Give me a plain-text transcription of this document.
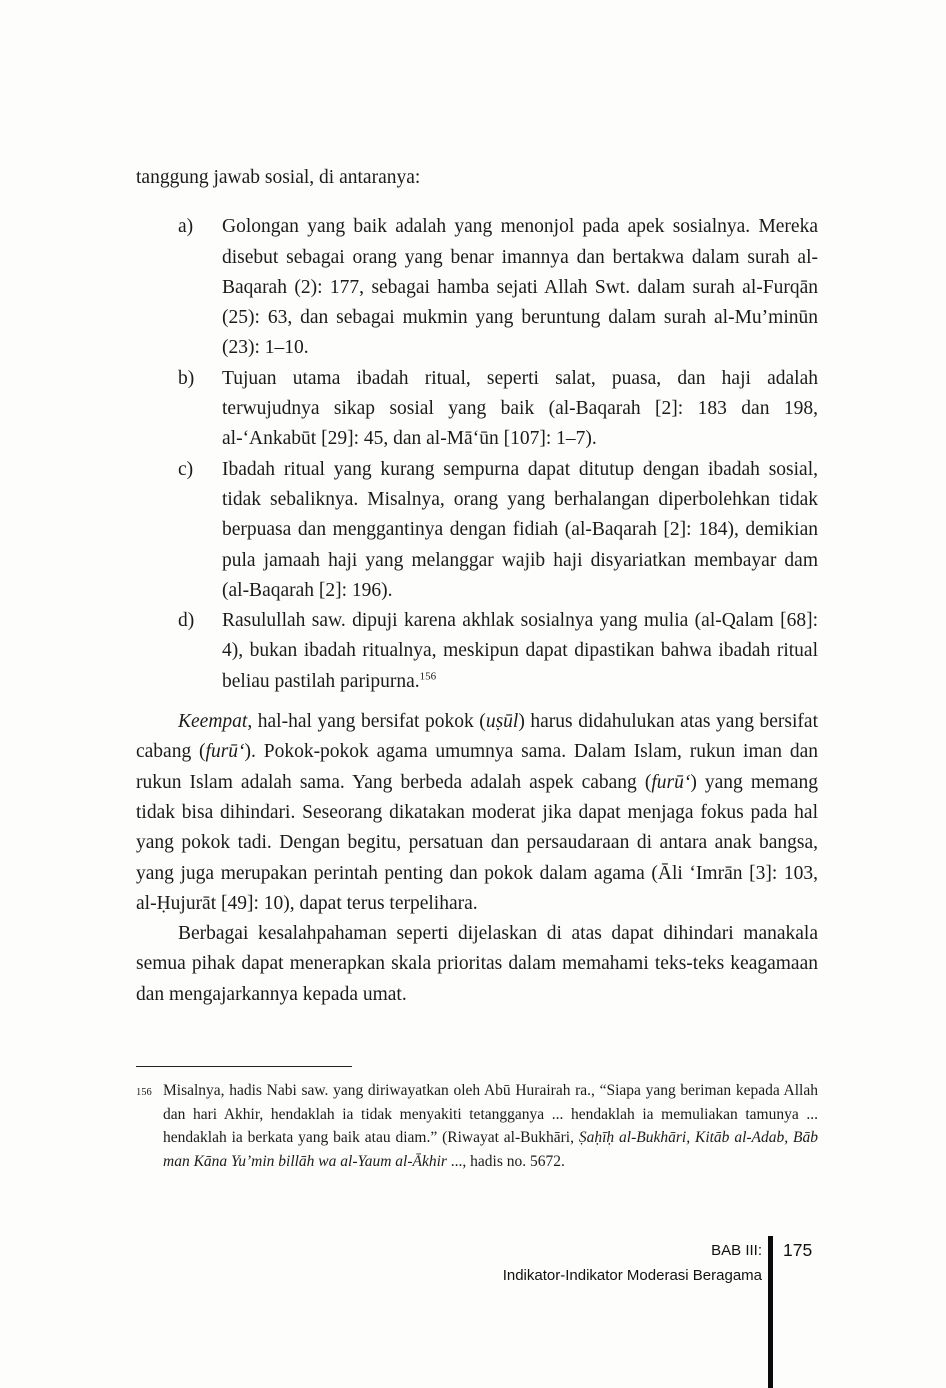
tanggung jawab sosial, di antaranya:

a)	Golongan yang baik adalah yang menonjol pada apek sosialnya. Mereka disebut sebagai orang yang benar imannya dan bertakwa dalam surah al-Baqarah (2): 177, sebagai hamba sejati Allah Swt. dalam surah al-Furqān (25): 63, dan sebagai mukmin yang beruntung dalam surah al-Mu’minūn (23): 1–10.
b)	Tujuan utama ibadah ritual, seperti salat, puasa, dan haji adalah terwujudnya sikap sosial yang baik (al-Baqarah [2]: 183 dan 198, al-‘Ankabūt [29]: 45, dan al-Mā‘ūn [107]: 1–7).
c)	Ibadah ritual yang kurang sempurna dapat ditutup dengan ibadah sosial, tidak sebaliknya. Misalnya, orang yang berhalangan diperbolehkan tidak berpuasa dan menggantinya dengan fidiah (al-Baqarah [2]: 184), demikian pula jamaah haji yang melanggar wajib haji disyariatkan membayar dam (al-Baqarah [2]: 196).
d)	Rasulullah saw. dipuji karena akhlak sosialnya yang mulia (al-Qalam [68]: 4), bukan ibadah ritualnya, meskipun dapat dipastikan bahwa ibadah ritual beliau pastilah paripurna.$^{156}$

Keempat, hal-hal yang bersifat pokok (uṣūl) harus didahulukan atas yang bersifat cabang (furū‘). Pokok-pokok agama umumnya sama. Dalam Islam, rukun iman dan rukun Islam adalah sama. Yang berbeda adalah aspek cabang (furū‘) yang memang tidak bisa dihindari. Seseorang dikatakan moderat jika dapat menjaga fokus pada hal yang pokok tadi. Dengan begitu, persatuan dan persaudaraan di antara anak bangsa, yang juga merupakan perintah penting dan pokok dalam agama (Āli ‘Imrān [3]: 103, al-Ḥujurāt [49]: 10), dapat terus terpelihara.

Berbagai kesalahpahaman seperti dijelaskan di atas dapat dihindari manakala semua pihak dapat menerapkan skala prioritas dalam memahami teks-teks keagamaan dan mengajarkannya kepada umat.

156 Misalnya, hadis Nabi saw. yang diriwayatkan oleh Abū Hurairah ra., “Siapa yang beriman kepada Allah dan hari Akhir, hendaklah ia tidak menyakiti tetangganya ... hendaklah ia memuliakan tamunya ... hendaklah ia berkata yang baik atau diam.” (Riwayat al-Bukhāri, Ṣaḥīḥ al-Bukhāri, Kitāb al-Adab, Bāb man Kāna Yu’min billāh wa al-Yaum al-Ākhir ..., hadis no. 5672.

BAB III:
Indikator-Indikator Moderasi Beragama
175
